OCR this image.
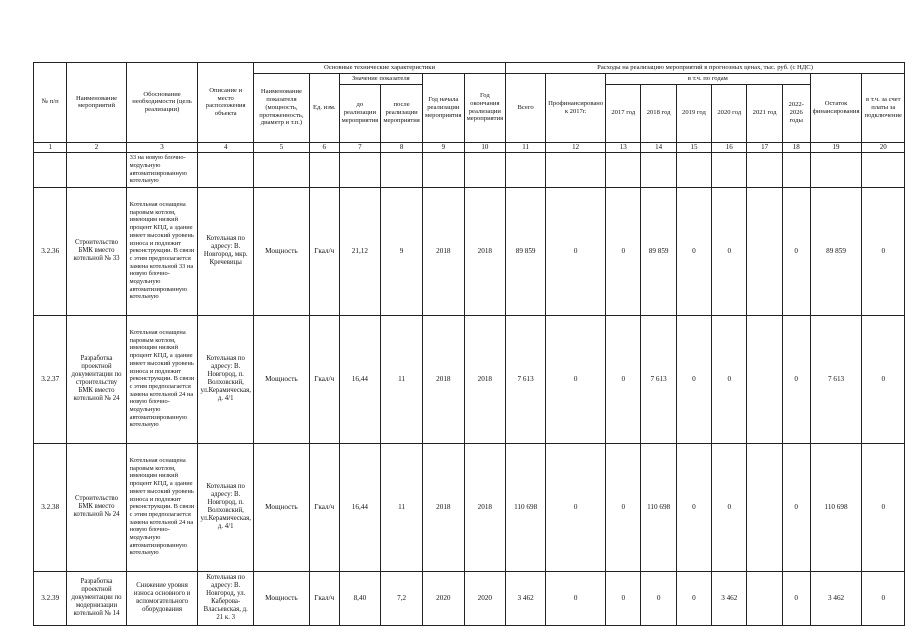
№ п/п	Наименование мероприятий	Обоснование необходимости (цель реализации)	Описание и место расположения объекта	Основные технические характеристики						Расходы на реализацию мероприятий в прогнозных ценах, тыс. руб. (с НДС)									
				Наименование показателя (мощность, протяженность, диаметр и т.п.)	Ед. изм.	Значение показателя		Год начала реализации мероприятия	Год окончания реализации мероприятия	Всего	Профинансировано к 2017г.	в т.ч. по годам						Остаток финансирования	в т.ч. за счет платы за подключение
						до реализации мероприятия	после реализации мероприятия					2017 год	2018 год	2019 год	2020 год	2021 год	2022-2026 годы		

1	2	3	4	5	6	7	8	9	10	11	12	13	14	15	16	17	18	19	20
		33 на новую блочно-модульную автоматизированную котельную																	
3.2.36	Строительство БМК вместо котельной № 33	Котельная оснащена паровым котлом, имеющим низкий процент КПД, а здание имеет высокий уровень износа и подлежит реконструкции. В связи с этим предполагается замена котельной 33 на новую блочно-модульную автоматизированную котельную	Котельная по адресу: В. Новгород, мкр. Кречевицы	Мощность	Гкал/ч	21,12	9	2018	2018	89 859	0	0	89 859	0	0		0	89 859	0
3.2.37	Разработка проектной документации по строительству БМК вместо котельной № 24	Котельная оснащена паровым котлом, имеющим низкий процент КПД, а здание имеет высокий уровень износа и подлежит реконструкции. В связи с этим предполагается замена котельной 24 на новую блочно-модульную автоматизированную котельную	Котельная по адресу: В. Новгород, п. Волховский, ул.Керамическая, д. 4/1	Мощность	Гкал/ч	16,44	11	2018	2018	7 613	0	0	7 613	0	0		0	7 613	0
3.2.38	Строительство БМК вместо котельной № 24	Котельная оснащена паровым котлом, имеющим низкий процент КПД, а здание имеет высокий уровень износа и подлежит реконструкции. В связи с этим предполагается замена котельной 24 на новую блочно-модульную автоматизированную котельную	Котельная по адресу: В. Новгород, п. Волховский, ул.Керамическая, д. 4/1	Мощность	Гкал/ч	16,44	11	2018	2018	110 698	0	0	110 698	0	0		0	110 698	0
3.2.39	Разработка проектной документации по модернизации котельной № 14	Снижение уровня износа основного и вспомогательного оборудования	Котельная по адресу: В. Новгород, ул. Каберова-Власьевская, д. 21 к. 3	Мощность	Гкал/ч	8,40	7,2	2020	2020	3 462	0	0	0	0	3 462		0	3 462	0
